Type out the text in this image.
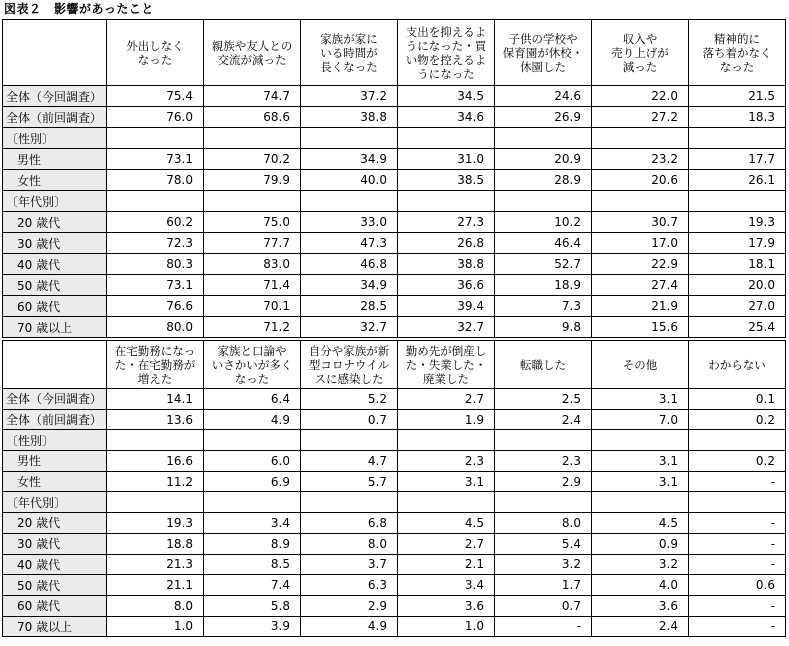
図表２　影響があったこと
	外出しなく
なった	親族や友人との
交流が減った	家族が家に
いる時間が
長くなった	支出を抑えるよ
うになった・買
い物を控えるよ
うになった	子供の学校や
保育園が休校・
休園した	収入や
売り上げが
減った	精神的に
落ち着かなく
なった
全体（今回調査）	75.4	74.7	37.2	34.5	24.6	22.0	21.5
全体（前回調査）	76.0	68.6	38.8	34.6	26.9	27.2	18.3
〔性別〕							
男性	73.1	70.2	34.9	31.0	20.9	23.2	17.7
女性	78.0	79.9	40.0	38.5	28.9	20.6	26.1
〔年代別〕							
20 歳代	60.2	75.0	33.0	27.3	10.2	30.7	19.3
30 歳代	72.3	77.7	47.3	26.8	46.4	17.0	17.9
40 歳代	80.3	83.0	46.8	38.8	52.7	22.9	18.1
50 歳代	73.1	71.4	34.9	36.6	18.9	27.4	20.0
60 歳代	76.6	70.1	28.5	39.4	7.3	21.9	27.0
70 歳以上	80.0	71.2	32.7	32.7	9.8	15.6	25.4
	在宅勤務になっ
た・在宅勤務が
増えた	家族と口論や
いさかいが多く
なった	自分や家族が新
型コロナウイル
スに感染した	勤め先が倒産し
た・失業した・
廃業した	転職した	その他	わからない
全体（今回調査）	14.1	6.4	5.2	2.7	2.5	3.1	0.1
全体（前回調査）	13.6	4.9	0.7	1.9	2.4	7.0	0.2
〔性別〕							
男性	16.6	6.0	4.7	2.3	2.3	3.1	0.2
女性	11.2	6.9	5.7	3.1	2.9	3.1	-
〔年代別〕							
20 歳代	19.3	3.4	6.8	4.5	8.0	4.5	-
30 歳代	18.8	8.9	8.0	2.7	5.4	0.9	-
40 歳代	21.3	8.5	3.7	2.1	3.2	3.2	-
50 歳代	21.1	7.4	6.3	3.4	1.7	4.0	0.6
60 歳代	8.0	5.8	2.9	3.6	0.7	3.6	-
70 歳以上	1.0	3.9	4.9	1.0	-	2.4	-
